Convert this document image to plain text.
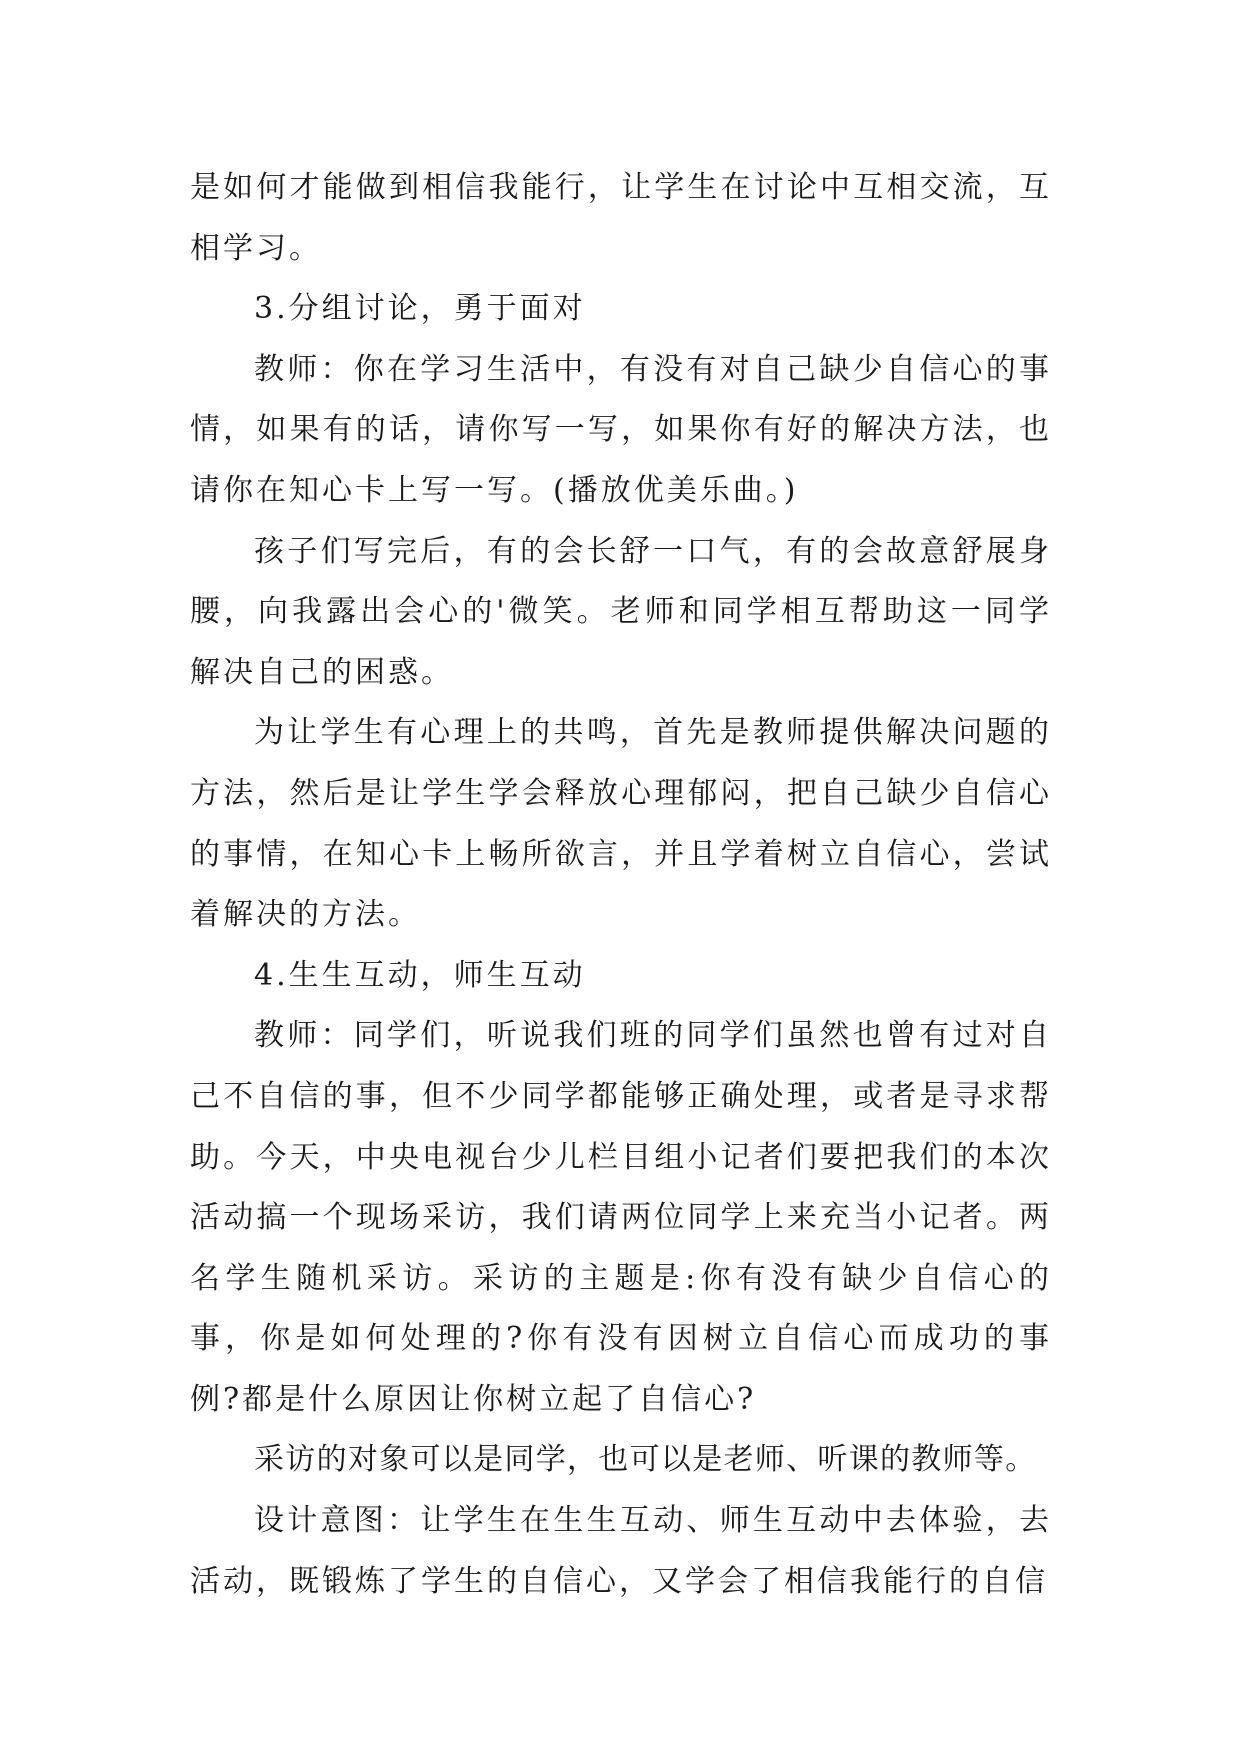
是如何才能做到相信我能行，让学生在讨论中互相交流，互相学习。

3.分组讨论，勇于面对

教师：你在学习生活中，有没有对自己缺少自信心的事情，如果有的话，请你写一写，如果你有好的解决方法，也请你在知心卡上写一写。(播放优美乐曲。)

孩子们写完后，有的会长舒一口气，有的会故意舒展身腰，向我露出会心的'微笑。老师和同学相互帮助这一同学解决自己的困惑。

为让学生有心理上的共鸣，首先是教师提供解决问题的方法，然后是让学生学会释放心理郁闷，把自己缺少自信心的事情，在知心卡上畅所欲言，并且学着树立自信心，尝试着解决的方法。

4.生生互动，师生互动

教师：同学们，听说我们班的同学们虽然也曾有过对自己不自信的事，但不少同学都能够正确处理，或者是寻求帮助。今天，中央电视台少儿栏目组小记者们要把我们的本次活动搞一个现场采访，我们请两位同学上来充当小记者。两名学生随机采访。采访的主题是:你有没有缺少自信心的事，你是如何处理的?你有没有因树立自信心而成功的事例?都是什么原因让你树立起了自信心?

采访的对象可以是同学，也可以是老师、听课的教师等。

设计意图：让学生在生生互动、师生互动中去体验，去活动，既锻炼了学生的自信心，又学会了相信我能行的自信
